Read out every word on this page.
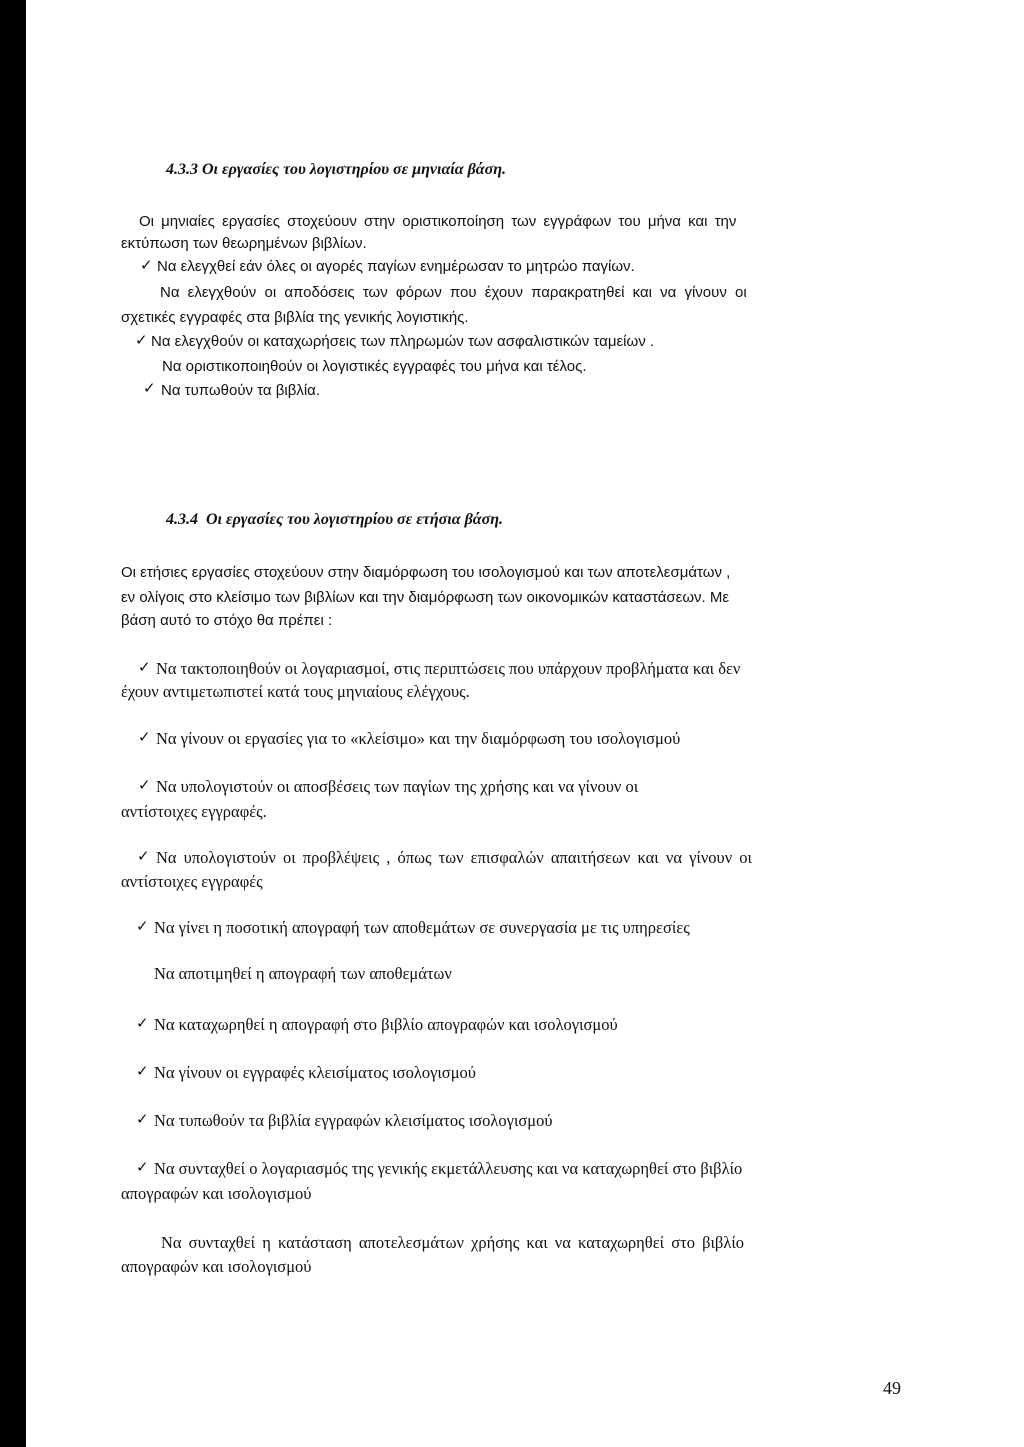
4.3.3 Οι εργασίες του λογιστηρίου σε μηνιαία βάση.
Οι μηνιαίες εργασίες στοχεύουν στην οριστικοποίηση των εγγράφων του μήνα και την
εκτύπωση των θεωρημένων βιβλίων.
✓ Να ελεγχθεί εάν όλες οι αγορές παγίων ενημέρωσαν το μητρώο παγίων.
Να ελεγχθούν οι αποδόσεις των φόρων που έχουν παρακρατηθεί και να γίνουν οι
σχετικές εγγραφές στα βιβλία της γενικής λογιστικής.
✓ Να ελεγχθούν οι καταχωρήσεις των πληρωμών των ασφαλιστικών ταμείων .
Να οριστικοποιηθούν οι λογιστικές εγγραφές του μήνα και τέλος.
✓ Να τυπωθούν τα βιβλία.
4.3.4 Οι εργασίες του λογιστηρίου σε ετήσια βάση.
Οι ετήσιες εργασίες στοχεύουν στην διαμόρφωση του ισολογισμού και των αποτελεσμάτων ,
εν ολίγοις στο κλείσιμο των βιβλίων και την διαμόρφωση των οικονομικών καταστάσεων. Με
βάση αυτό το στόχο θα πρέπει :
✓ Να τακτοποιηθούν οι λογαριασμοί, στις περιπτώσεις που υπάρχουν προβλήματα και δεν
έχουν αντιμετωπιστεί κατά τους μηνιαίους ελέγχους.
✓ Να γίνουν οι εργασίες για το «κλείσιμο» και την διαμόρφωση του ισολογισμού
✓ Να υπολογιστούν οι αποσβέσεις των παγίων της χρήσης και να γίνουν οι
αντίστοιχες εγγραφές.
✓ Να υπολογιστούν οι προβλέψεις , όπως των επισφαλών απαιτήσεων και να γίνουν οι
αντίστοιχες εγγραφές
✓ Να γίνει η ποσοτική απογραφή των αποθεμάτων σε συνεργασία με τις υπηρεσίες
Να αποτιμηθεί η απογραφή των αποθεμάτων
✓ Να καταχωρηθεί η απογραφή στο βιβλίο απογραφών και ισολογισμού
✓ Να γίνουν οι εγγραφές κλεισίματος ισολογισμού
✓ Να τυπωθούν τα βιβλία εγγραφών κλεισίματος ισολογισμού
✓ Να συνταχθεί ο λογαριασμός της γενικής εκμετάλλευσης και να καταχωρηθεί στο βιβλίο
απογραφών και ισολογισμού
Να συνταχθεί η κατάσταση αποτελεσμάτων χρήσης και να καταχωρηθεί στο βιβλίο
απογραφών και ισολογισμού
49
